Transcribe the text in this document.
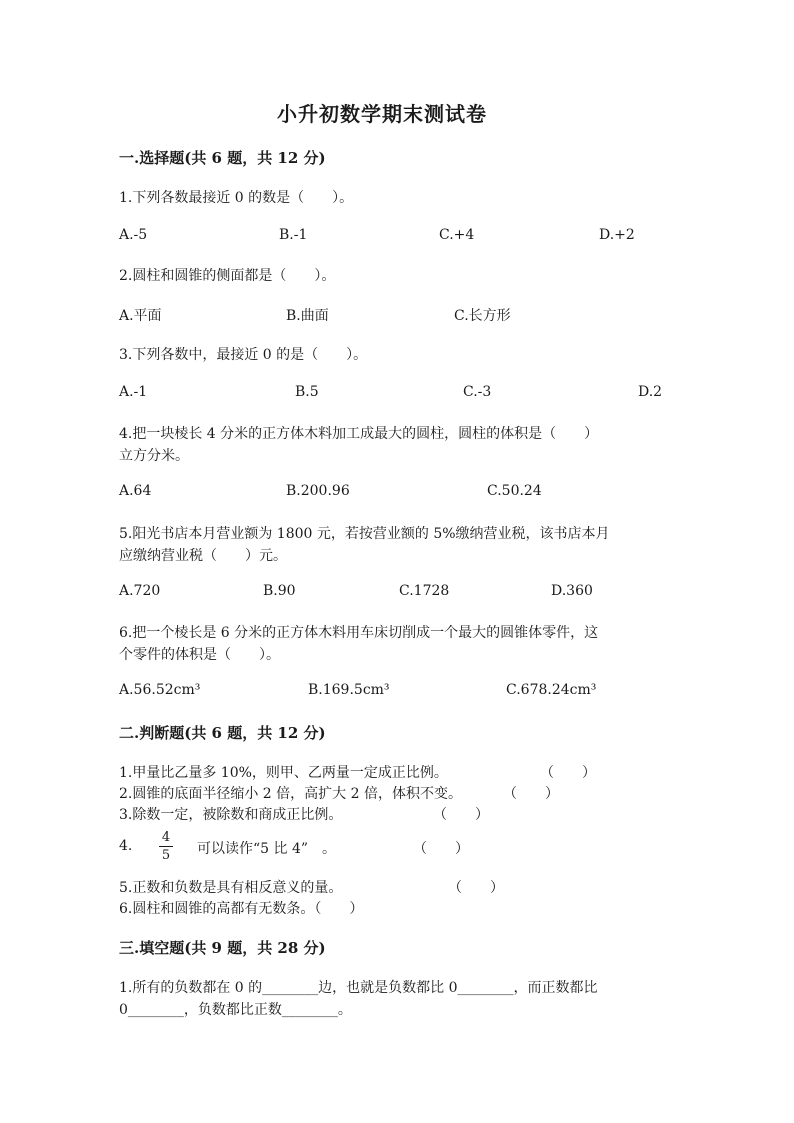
小升初数学期末测试卷
一.选择题(共 6 题，共 12 分)
1.下列各数最接近 0 的数是（　　）。
A.-5	B.-1	C.+4	D.+2
2.圆柱和圆锥的侧面都是（　　）。
A.平面	B.曲面	C.长方形
3.下列各数中，最接近 0 的是（　　）。
A.-1	B.5	C.-3	D.2
4.把一块棱长 4 分米的正方体木料加工成最大的圆柱，圆柱的体积是（　　）
立方分米。
A.64	B.200.96	C.50.24
5.阳光书店本月营业额为 1800 元，若按营业额的 5%缴纳营业税，该书店本月
应缴纳营业税（　　）元。
A.720	B.90	C.1728	D.360
6.把一个棱长是 6 分米的正方体木料用车床切削成一个最大的圆锥体零件，这
个零件的体积是（　　）。
A.56.52cm³	B.169.5cm³	C.678.24cm³
二.判断题(共 6 题，共 12 分)
1.甲量比乙量多 10%，则甲、乙两量一定成正比例。	（　　）
2.圆锥的底面半径缩小 2 倍，高扩大 2 倍，体积不变。	（　　）
3.除数一定，被除数和商成正比例。	（　　）
4.
4
5 可以读作“5 比 4”　。	（　　）
5.正数和负数是具有相反意义的量。	（　　）
6.圆柱和圆锥的高都有无数条。（　　）
三.填空题(共 9 题，共 28 分)
1.所有的负数都在 0 的________边，也就是负数都比 0________，而正数都比
0________，负数都比正数________。
